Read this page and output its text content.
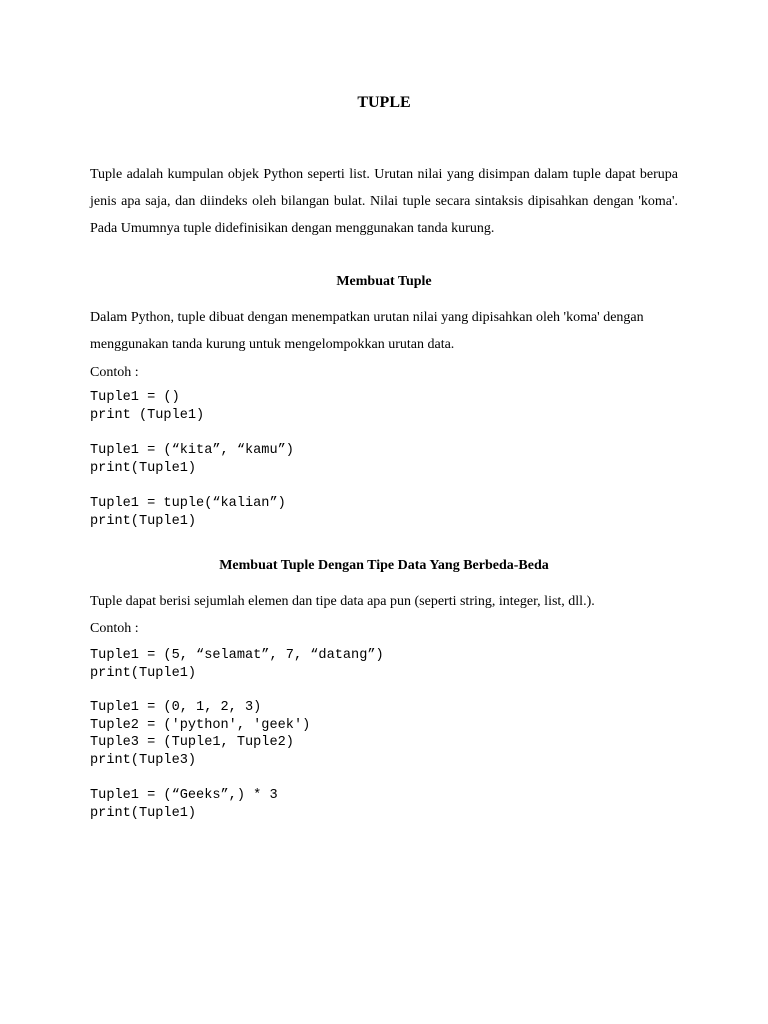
TUPLE
Tuple adalah kumpulan objek Python seperti list. Urutan nilai yang disimpan dalam tuple dapat berupa jenis apa saja, dan diindeks oleh bilangan bulat. Nilai tuple secara sintaksis dipisahkan dengan 'koma'. Pada Umumnya tuple didefinisikan dengan menggunakan tanda kurung.
Membuat Tuple
Dalam Python, tuple dibuat dengan menempatkan urutan nilai yang dipisahkan oleh 'koma' dengan menggunakan tanda kurung untuk mengelompokkan urutan data.
Contoh :
Tuple1 = ()
print (Tuple1)
Tuple1 = (“kita”, “kamu”)
print(Tuple1)
Tuple1 = tuple(“kalian”)
print(Tuple1)
Membuat Tuple Dengan Tipe Data Yang Berbeda-Beda
Tuple dapat berisi sejumlah elemen dan tipe data apa pun (seperti string, integer, list, dll.).
Contoh :
Tuple1 = (5, “selamat”, 7, “datang”)
print(Tuple1)
Tuple1 = (0, 1, 2, 3)
Tuple2 = ('python', 'geek')
Tuple3 = (Tuple1, Tuple2)
print(Tuple3)
Tuple1 = (“Geeks”,) * 3
print(Tuple1)
